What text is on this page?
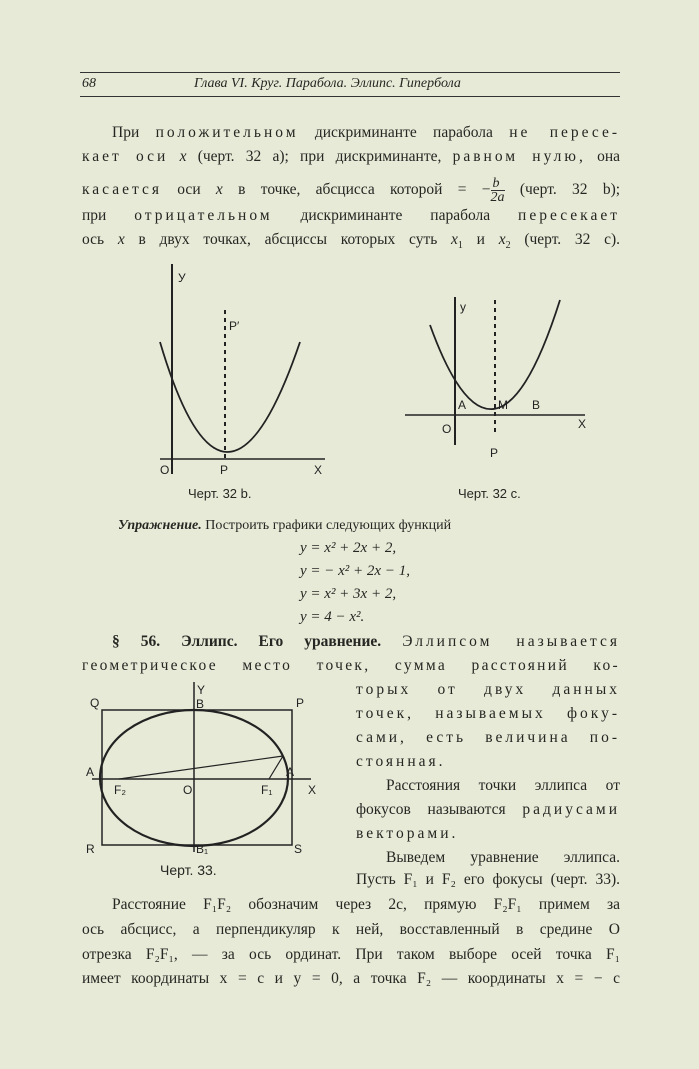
68	Глава VI. Круг. Парабола. Эллипс. Гипербола
При положительном дискриминанте парабола не пересе-
кает оси x (черт. 32 a); при дискриминанте, равном нулю, она
касается оси x в точке, абсцисса которой = − $\frac{b}{2a}$ (черт. 32 b);
при отрицательном дискриминанте парабола пересекает
ось x в двух точках, абсциссы которых суть $x_1$ и $x_2$ (черт. 32 c).
У
P′
O	P	X
Черт. 32 b.
у
A	M B
O
P
X
Черт. 32 c.
Упражнение. Построить графики следующих функций
y = x² + 2x + 2,
y = − x² + 2x − 1,
y = x² + 3x + 2,
y = 4 − x².
§ 56. Эллипс. Его уравнение. Эллипсом называется
геометрическое место точек, сумма расстояний ко-
торых от двух данных
точек, называемых фоку-
сами, есть величина по-
стоянная.
Расстояния точки эллипса от
фокусов называются радиусами
векторами.
Выведем уравнение эллипса.
Пусть F₁ и F₂ его фокусы (черт. 33).
Y
Q	B	P
A	A
F₂	O	F₁	X
R	B₁	S
Черт. 33.
Расстояние F₁F₂ обозначим через 2c, прямую F₂F₁ примем за
ось абсцисс, а перпендикуляр к ней, восставленный в средине O
отрезка F₂F₁, — за ось ординат. При таком выборе осей точка F₁
имеет координаты x = c и y = 0, а точка F₂ — координаты x = − c
